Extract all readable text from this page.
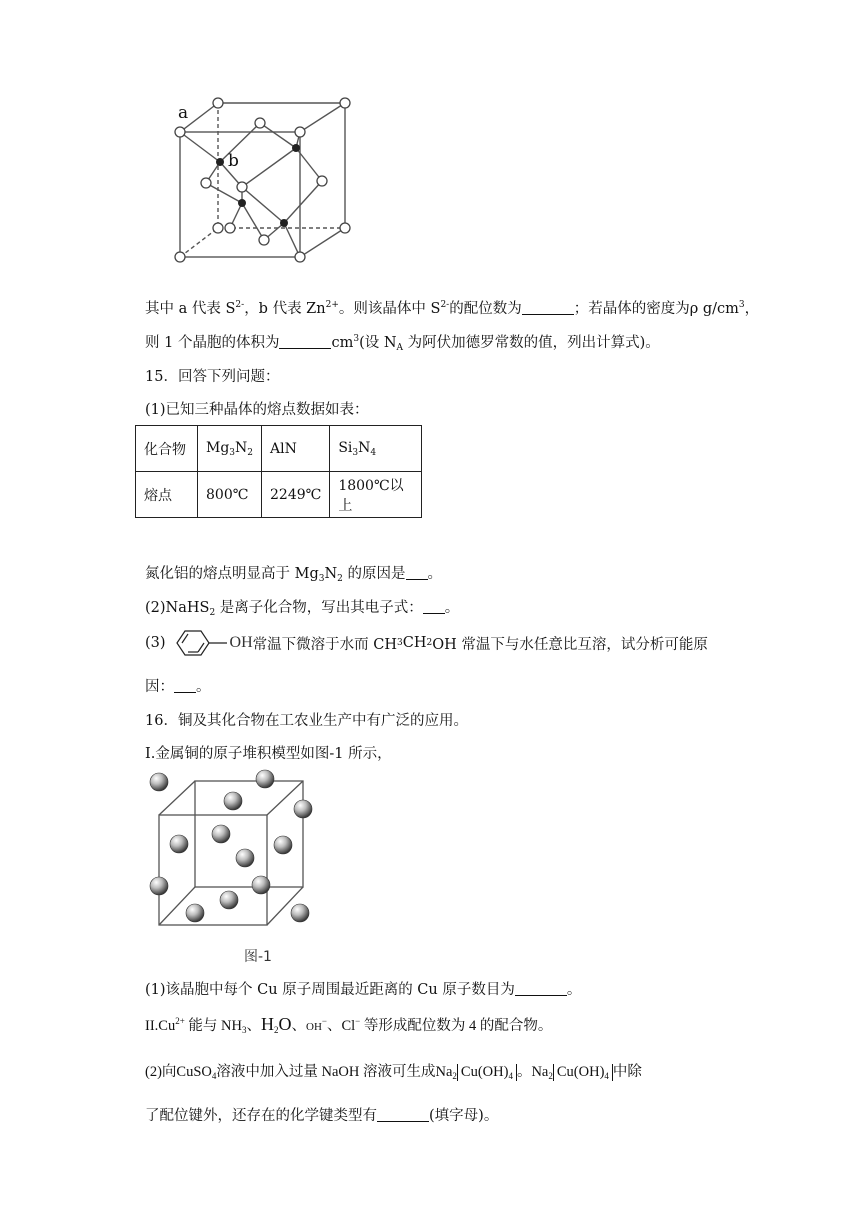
a
b
其中 a 代表 $S^{2-}$，b 代表 $Zn^{2+}$。则该晶体中 $S^{2-}$的配位数为	；若晶体的密度为ρ $g/cm^3$，
则 1 个晶胞的体积为	$cm^3$(设 $N_A$ 为阿伏加德罗常数的值，列出计算式)。
15．回答下列问题：
(1)已知三种晶体的熔点数据如表：
化合物	$Mg_3N_2$	AlN	$Si_3N_4$
熔点	800℃	2249℃	1800℃以上
氮化铝的熔点明显高于 $Mg_3N_2$ 的原因是 。
(2)NaHS$_2$ 是离子化合物，写出其电子式： 。
(3)	OH 常温下微溶于水而 CH 3 CH 2 OH 常温下与水任意比互溶，试分析可能原
因： 。
16．铜及其化合物在工农业生产中有广泛的应用。
I.金属铜的原子堆积模型如图-1 所示，
图-1
(1)该晶胞中每个 Cu 原子周围最近距离的 Cu 原子数目为	。
$II.Cu^{2+}$ 能与 $NH_3$、$H_2O$、OH−、Cl− 等形成配位数为 4 的配合物。
(2)向CuSO$_4$溶液中加入过量 NaOH 溶液可生成$Na_2$ $Cu(OH)_4$ 。$Na_2$ $Cu(OH)_4$ 中除
了配位键外，还存在的化学键类型有	(填字母)。
